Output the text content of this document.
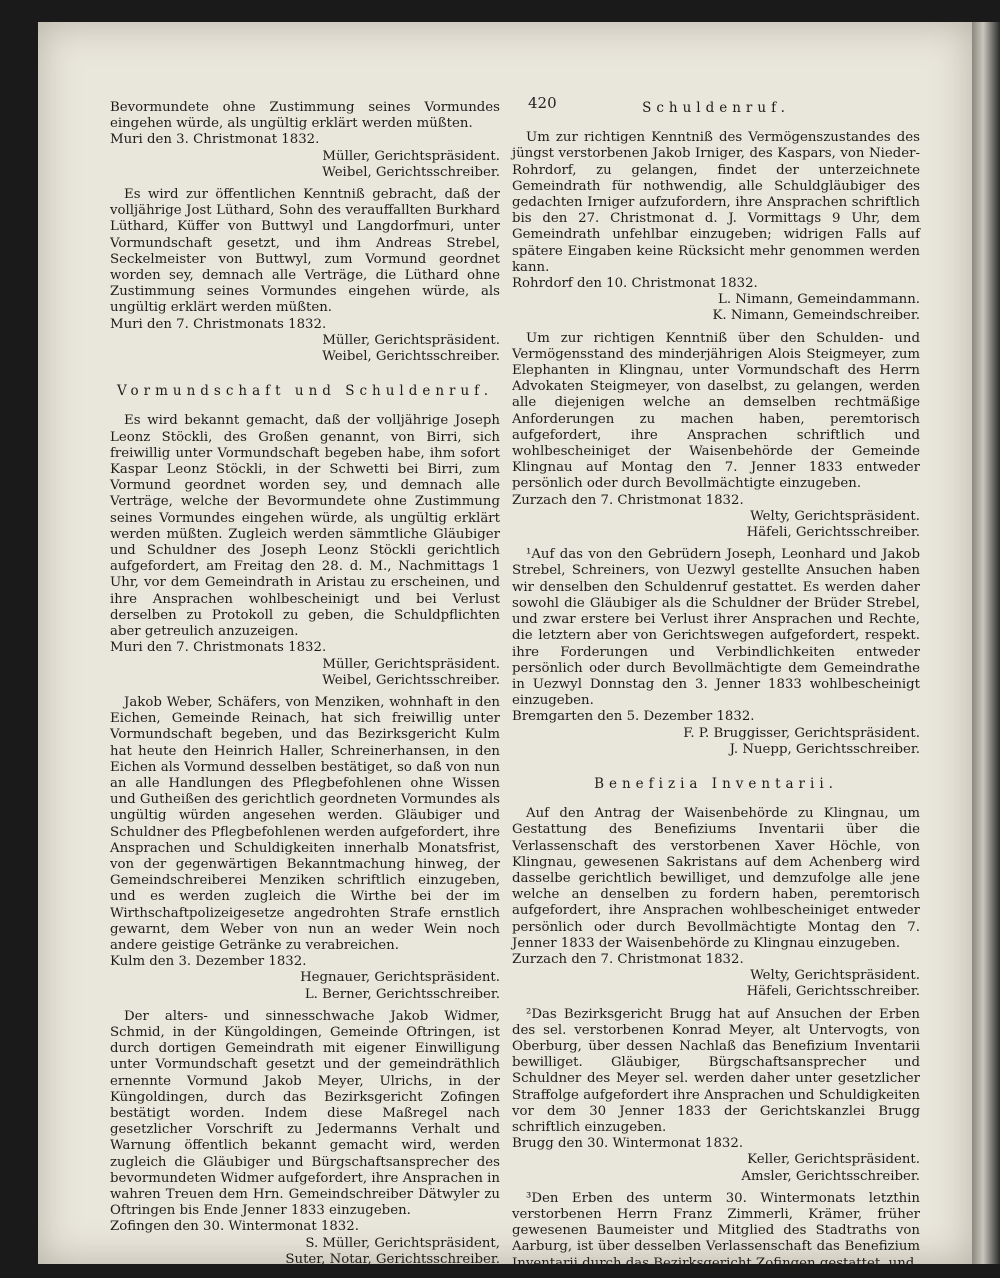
420

Bevormundete ohne Zustimmung seines Vormundes eingehen würde, als ungültig erklärt werden müßten.

Muri den 3. Christmonat 1832.

Müller, Gerichtspräsident.

Weibel, Gerichtsschreiber.

Es wird zur öffentlichen Kenntniß gebracht, daß der volljährige Jost Lüthard, Sohn des verauffallten Burkhard Lüthard, Küffer von Buttwyl und Langdorfmuri, unter Vormundschaft gesetzt, und ihm Andreas Strebel, Seckelmeister von Buttwyl, zum Vormund geordnet worden sey, demnach alle Verträge, die Lüthard ohne Zustimmung seines Vormundes eingehen würde, als ungültig erklärt werden müßten.

Muri den 7. Christmonats 1832.

Müller, Gerichtspräsident.

Weibel, Gerichtsschreiber.

Vormundschaft und Schuldenruf.

Es wird bekannt gemacht, daß der volljährige Joseph Leonz Stöckli, des Großen genannt, von Birri, sich freiwillig unter Vormundschaft begeben habe, ihm sofort Kaspar Leonz Stöckli, in der Schwetti bei Birri, zum Vormund geordnet worden sey, und demnach alle Verträge, welche der Bevormundete ohne Zustimmung seines Vormundes eingehen würde, als ungültig erklärt werden müßten. Zugleich werden sämmtliche Gläubiger und Schuldner des Joseph Leonz Stöckli gerichtlich aufgefordert, am Freitag den 28. d. M., Nachmittags 1 Uhr, vor dem Gemeindrath in Aristau zu erscheinen, und ihre Ansprachen wohlbescheinigt und bei Verlust derselben zu Protokoll zu geben, die Schuldpflichten aber getreulich anzuzeigen.

Muri den 7. Christmonats 1832.

Müller, Gerichtspräsident.

Weibel, Gerichtsschreiber.

Jakob Weber, Schäfers, von Menziken, wohnhaft in den Eichen, Gemeinde Reinach, hat sich freiwillig unter Vormundschaft begeben, und das Bezirksgericht Kulm hat heute den Heinrich Haller, Schreinerhansen, in den Eichen als Vormund desselben bestätiget, so daß von nun an alle Handlungen des Pflegbefohlenen ohne Wissen und Gutheißen des gerichtlich geordneten Vormundes als ungültig würden angesehen werden. Gläubiger und Schuldner des Pflegbefohlenen werden aufgefordert, ihre Ansprachen und Schuldigkeiten innerhalb Monatsfrist, von der gegenwärtigen Bekanntmachung hinweg, der Gemeindschreiberei Menziken schriftlich einzugeben, und es werden zugleich die Wirthe bei der im Wirthschaftpolizeigesetze angedrohten Strafe ernstlich gewarnt, dem Weber von nun an weder Wein noch andere geistige Getränke zu verabreichen.

Kulm den 3. Dezember 1832.

Hegnauer, Gerichtspräsident.

L. Berner, Gerichtsschreiber.

Der alters- und sinnesschwache Jakob Widmer, Schmid, in der Küngoldingen, Gemeinde Oftringen, ist durch dortigen Gemeindrath mit eigener Einwilligung unter Vormundschaft gesetzt und der gemeindräthlich ernennte Vormund Jakob Meyer, Ulrichs, in der Küngoldingen, durch das Bezirksgericht Zofingen bestätigt worden. Indem diese Maßregel nach gesetzlicher Vorschrift zu Jedermanns Verhalt und Warnung öffentlich bekannt gemacht wird, werden zugleich die Gläubiger und Bürgschaftsansprecher des bevormundeten Widmer aufgefordert, ihre Ansprachen in wahren Treuen dem Hrn. Gemeindschreiber Dätwyler zu Oftringen bis Ende Jenner 1833 einzugeben.

Zofingen den 30. Wintermonat 1832.

S. Müller, Gerichtspräsident,

Suter, Notar, Gerichtsschreiber.

Schuldenruf.

Um zur richtigen Kenntniß des Vermögenszustandes des jüngst verstorbenen Jakob Irniger, des Kaspars, von Nieder-Rohrdorf, zu gelangen, findet der unterzeichnete Gemeindrath für nothwendig, alle Schuldgläubiger des gedachten Irniger aufzufordern, ihre Ansprachen schriftlich bis den 27. Christmonat d. J. Vormittags 9 Uhr, dem Gemeindrath unfehlbar einzugeben; widrigen Falls auf spätere Eingaben keine Rücksicht mehr genommen werden kann.

Rohrdorf den 10. Christmonat 1832.

L. Nimann, Gemeindammann.

K. Nimann, Gemeindschreiber.

Um zur richtigen Kenntniß über den Schulden- und Vermögensstand des minderjährigen Alois Steigmeyer, zum Elephanten in Klingnau, unter Vormundschaft des Herrn Advokaten Steigmeyer, von daselbst, zu gelangen, werden alle diejenigen welche an demselben rechtmäßige Anforderungen zu machen haben, peremtorisch aufgefordert, ihre Ansprachen schriftlich und wohlbescheiniget der Waisenbehörde der Gemeinde Klingnau auf Montag den 7. Jenner 1833 entweder persönlich oder durch Bevollmächtigte einzugeben.

Zurzach den 7. Christmonat 1832.

Welty, Gerichtspräsident.

Häfeli, Gerichtsschreiber.

¹Auf das von den Gebrüdern Joseph, Leonhard und Jakob Strebel, Schreiners, von Uezwyl gestellte Ansuchen haben wir denselben den Schuldenruf gestattet. Es werden daher sowohl die Gläubiger als die Schuldner der Brüder Strebel, und zwar erstere bei Verlust ihrer Ansprachen und Rechte, die letztern aber von Gerichtswegen aufgefordert, respekt. ihre Forderungen und Verbindlichkeiten entweder persönlich oder durch Bevollmächtigte dem Gemeindrathe in Uezwyl Donnstag den 3. Jenner 1833 wohlbescheinigt einzugeben.

Bremgarten den 5. Dezember 1832.

F. P. Bruggisser, Gerichtspräsident.

J. Nuepp, Gerichtsschreiber.

Benefizia Inventarii.

Auf den Antrag der Waisenbehörde zu Klingnau, um Gestattung des Benefiziums Inventarii über die Verlassenschaft des verstorbenen Xaver Höchle, von Klingnau, gewesenen Sakristans auf dem Achenberg wird dasselbe gerichtlich bewilliget, und demzufolge alle jene welche an denselben zu fordern haben, peremtorisch aufgefordert, ihre Ansprachen wohlbescheiniget entweder persönlich oder durch Bevollmächtigte Montag den 7. Jenner 1833 der Waisenbehörde zu Klingnau einzugeben.

Zurzach den 7. Christmonat 1832.

Welty, Gerichtspräsident.

Häfeli, Gerichtsschreiber.

²Das Bezirksgericht Brugg hat auf Ansuchen der Erben des sel. verstorbenen Konrad Meyer, alt Untervogts, von Oberburg, über dessen Nachlaß das Benefizium Inventarii bewilliget. Gläubiger, Bürgschaftsansprecher und Schuldner des Meyer sel. werden daher unter gesetzlicher Straffolge aufgefordert ihre Ansprachen und Schuldigkeiten vor dem 30 Jenner 1833 der Gerichtskanzlei Brugg schriftlich einzugeben.

Brugg den 30. Wintermonat 1832.

Keller, Gerichtspräsident.

Amsler, Gerichtsschreiber.

³Den Erben des unterm 30. Wintermonats letzthin verstorbenen Herrn Franz Zimmerli, Krämer, früher gewesenen Baumeister und Mitglied des Stadtraths von Aarburg, ist über desselben Verlassenschaft das Benefizium Inventarii durch das Bezirksgericht Zofingen gestattet, und
